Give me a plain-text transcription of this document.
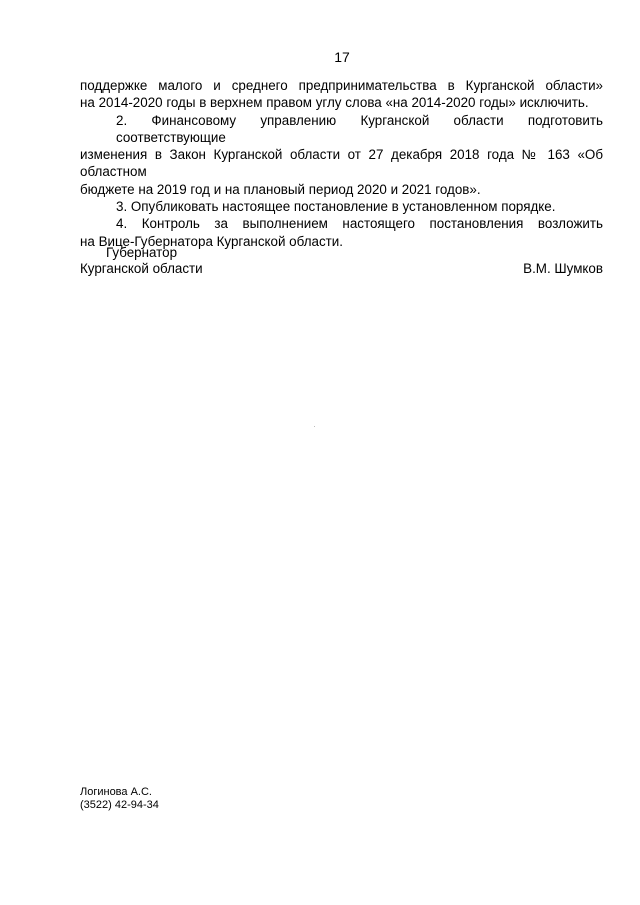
17
поддержке малого и среднего предпринимательства в Курганской области»
на 2014-2020 годы в верхнем правом углу слова «на 2014-2020 годы» исключить.
2. Финансовому управлению Курганской области подготовить соответствующие
изменения в Закон Курганской области от 27 декабря 2018 года № 163 «Об областном
бюджете на 2019 год и на плановый период 2020 и 2021 годов».
3. Опубликовать настоящее постановление в установленном порядке.
4. Контроль за выполнением настоящего постановления возложить
на Вице-Губернатора Курганской области.
Губернатор
Курганской области	В.М. Шумков
Логинова А.С.
(3522) 42-94-34
